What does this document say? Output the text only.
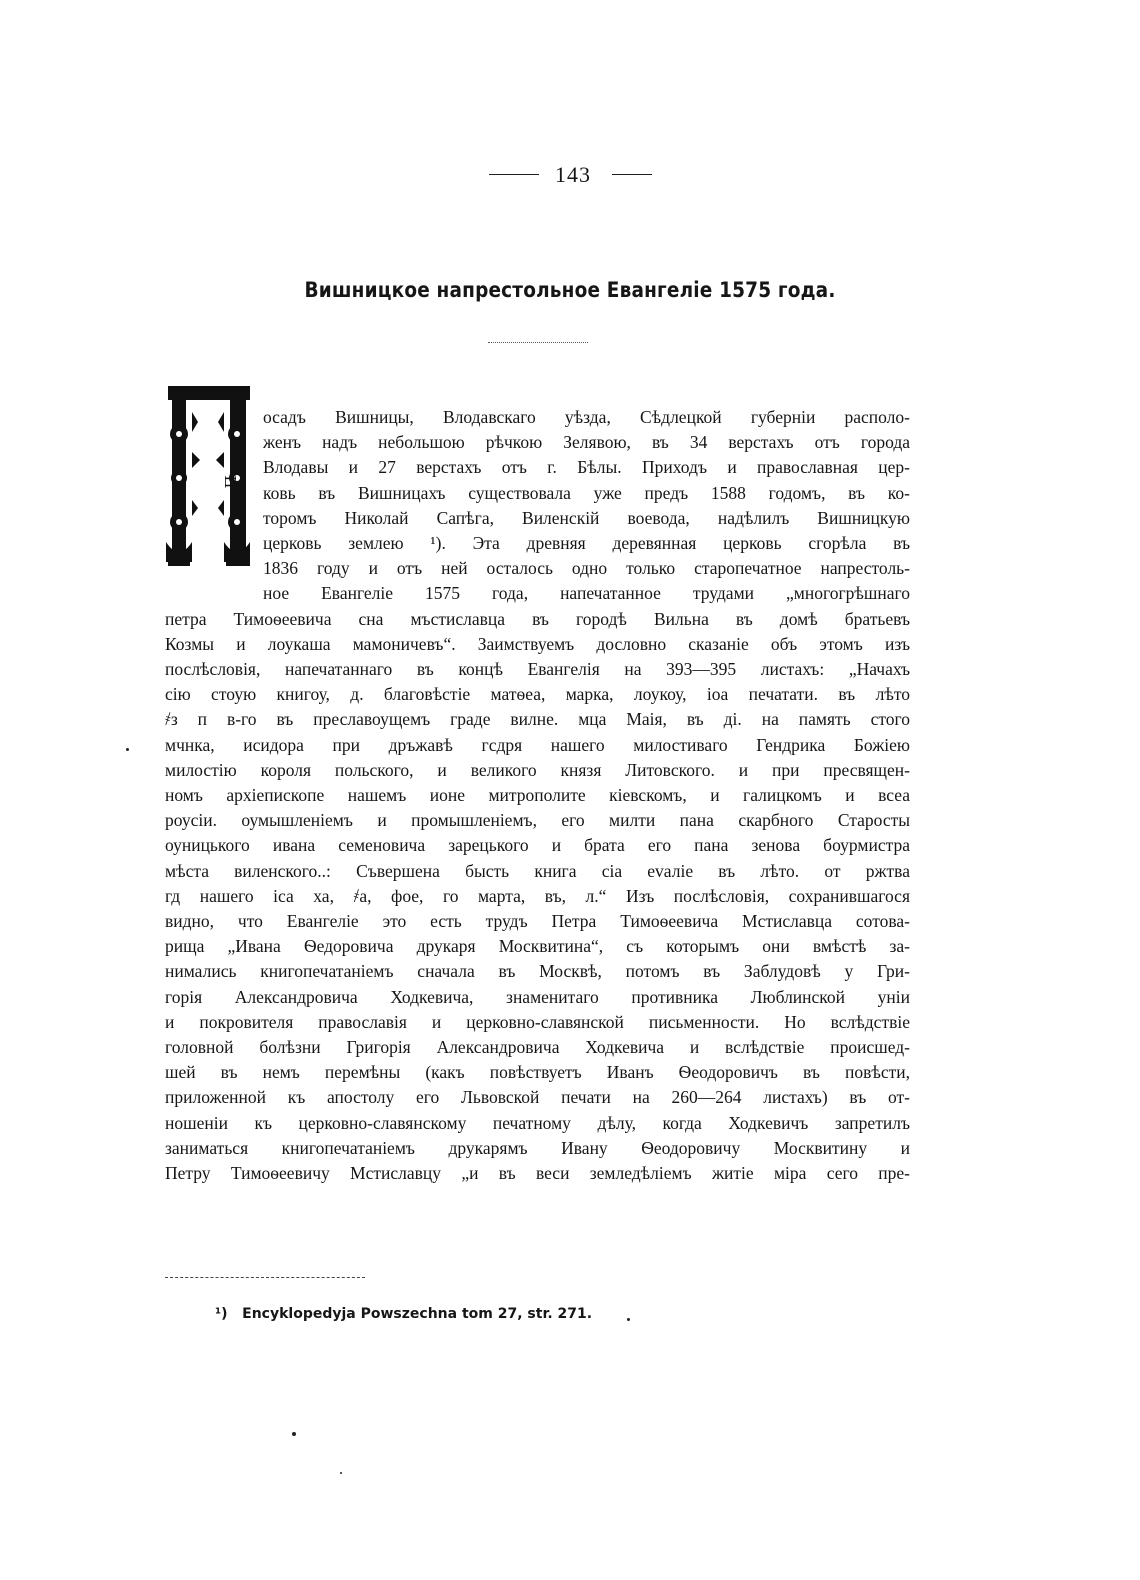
143
Вишницкое напрестольное Евангеліе 1575 года.
П

осадъ Вишницы, Влодавскаго уѣзда, Сѣдлецкой губерніи располо-

женъ надъ небольшою рѣчкою Зелявою, въ 34 верстахъ отъ города

Влодавы и 27 верстахъ отъ г. Бѣлы. Приходъ и православная цер-

ковь въ Вишницахъ существовала уже предъ 1588 годомъ, въ ко-

торомъ Николай Сапѣга, Виленскій воевода, надѣлилъ Вишницкую

церковь землею ¹). Эта древняя деревянная церковь сгорѣла въ

1836 году и отъ ней осталось одно только старопечатное напрестоль-

ное Евангеліе 1575 года, напечатанное трудами „многогрѣшнаго

петра Тимоѳеевича сна мъстиславца въ городѣ Вильна въ домѣ братьевъ

Козмы и лоукаша мамоничевъ“. Заимствуемъ дословно сказаніе объ этомъ изъ

послѣсловія, напечатаннаго въ концѣ Евангелія на 393—395 листахъ: „Начахъ

сію стоую книгоу, д. благовѣстіе матѳеа, марка, лоукоу, іоа печатати. въ лѣто

҂з п в-го въ преславоущемъ граде вилне. мца Маiя, въ ді. на память стого

мчнка, исидора при дръжавѣ гсдря нашего милостиваго Гендрика Божіею

милостію короля польского, и великого князя Литовского. и при пресвящен-

номъ архіепископе нашемъ ионе митрополите кіевскомъ, и галицкомъ и всеа

роусіи. оумышленіемъ и промышленіемъ, его милти пана скарбного Старосты

оуницького ивана семеновича зарецького и брата его пана зенова боурмистра

мѣста виленского..: Съвершена бысть книга сіа еvаліе въ лѣто. от ржтва

гд нашего іса ха, ҂а, фое, го марта, въ, л.“ Изъ послѣсловія, сохранившагося

видно, что Евангеліе это есть трудъ Петра Тимоѳеевича Мстиславца сотова-

рища „Ивана Ѳедоровича друкаря Москвитина“, съ которымъ они вмѣстѣ за-

нимались книгопечатаніемъ сначала въ Москвѣ, потомъ въ Заблудовѣ у Гри-

горія Александровича Ходкевича, знаменитаго противника Люблинской уніи

и покровителя православія и церковно-славянской письменности. Но вслѣдствіе

головной болѣзни Григорія Александровича Ходкевича и вслѣдствіе происшед-

шей въ немъ перемѣны (какъ повѣствуетъ Иванъ Ѳеодоровичъ въ повѣсти,

приложенной къ апостолу его Львовской печати на 260—264 листахъ) въ от-

ношеніи къ церковно-славянскому печатному дѣлу, когда Ходкевичъ запретилъ

заниматься книгопечатаніемъ друкарямъ Ивану Ѳеодоровичу Москвитину и

Петру Тимоѳеевичу Мстиславцу „и въ веси земледѣліемъ житіе міра сего пре-

¹) Encyklopedyja Powszechna tom 27, str. 271.
